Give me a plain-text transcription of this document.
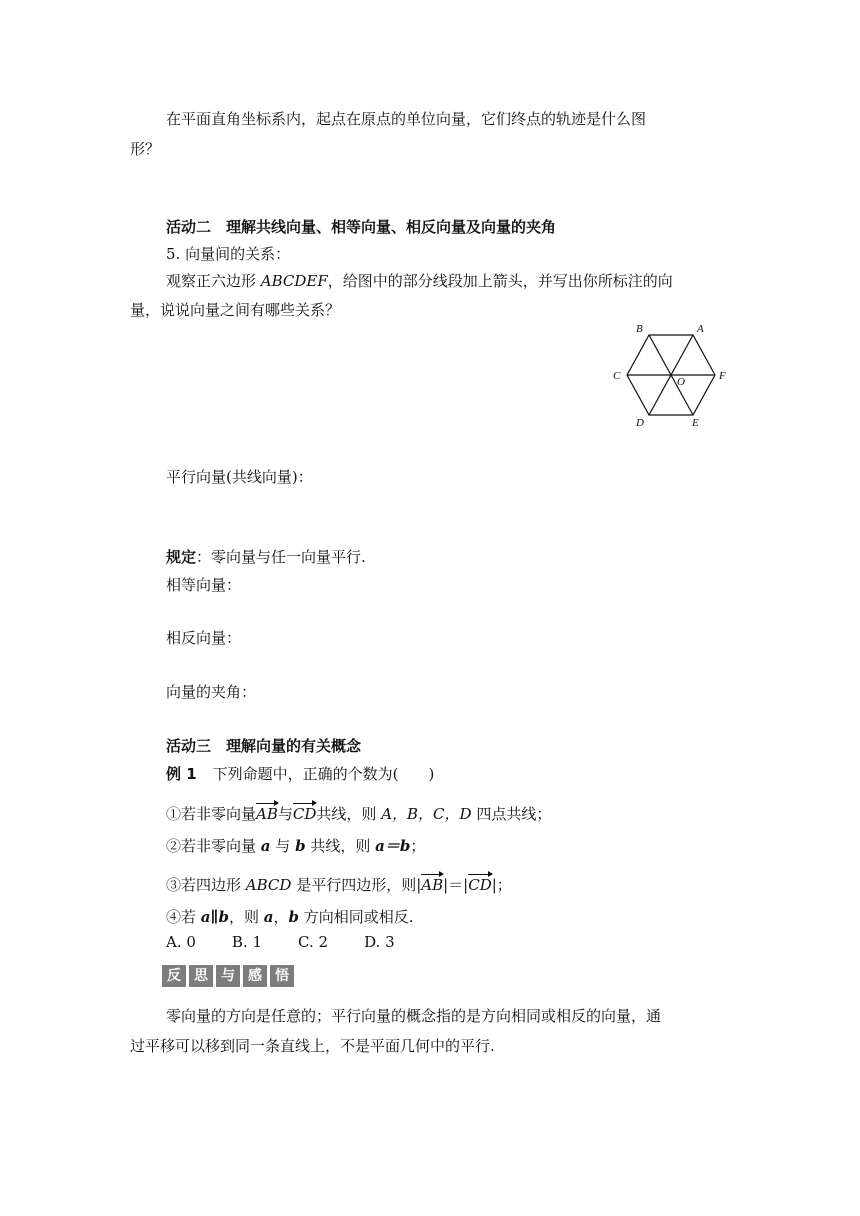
在平面直角坐标系内，起点在原点的单位向量，它们终点的轨迹是什么图
形？
活动二　理解共线向量、相等向量、相反向量及向量的夹角
5. 向量间的关系：
观察正六边形 ABCDEF，给图中的部分线段加上箭头，并写出你所标注的向
量，说说向量之间有哪些关系？
B	A
C	F
O
D	E
平行向量(共线向量)：
规定：零向量与任一向量平行.
相等向量：
相反向量：
向量的夹角：
活动三　理解向量的有关概念
例 1 下列命题中，正确的个数为(　　)
①若非零向量AB与CD共线，则 A，B，C，D 四点共线；
②若非零向量 a 与 b 共线，则 a＝b；
③若四边形 ABCD 是平行四边形，则|AB|＝|CD|；
④若 a∥b，则 a，b 方向相同或相反.
A. 0 B. 1 C. 2 D. 3
反 思 与 感 悟
零向量的方向是任意的；平行向量的概念指的是方向相同或相反的向量，通
过平移可以移到同一条直线上，不是平面几何中的平行.
